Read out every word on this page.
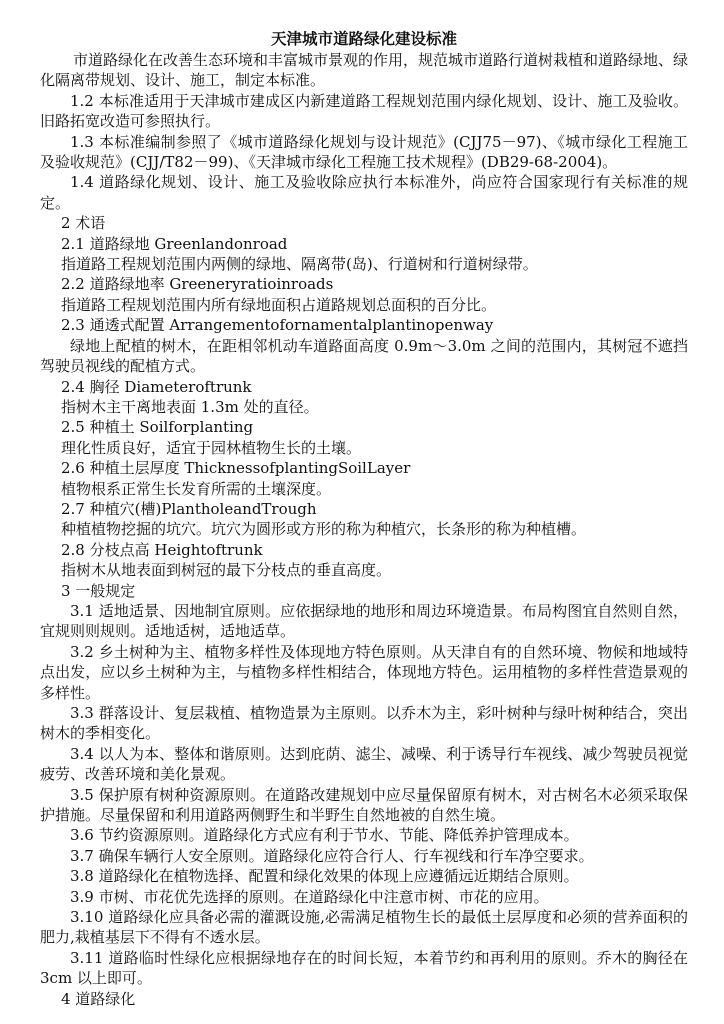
天津城市道路绿化建设标准

市道路绿化在改善生态环境和丰富城市景观的作用，规范城市道路行道树栽植和道路绿地、绿化隔离带规划、设计、施工，制定本标准。

1.2 本标准适用于天津城市建成区内新建道路工程规划范围内绿化规划、设计、施工及验收。旧路拓宽改造可参照执行。

1.3 本标准编制参照了《城市道路绿化规划与设计规范》(CJJ75－97)、《城市绿化工程施工及验收规范》(CJJ/T82－99)、《天津城市绿化工程施工技术规程》(DB29-68-2004)。

1.4 道路绿化规划、设计、施工及验收除应执行本标准外，尚应符合国家现行有关标准的规定。

2 术语

2.1 道路绿地 Greenlandonroad

指道路工程规划范围内两侧的绿地、隔离带(岛)、行道树和行道树绿带。

2.2 道路绿地率 Greeneryratioinroads

指道路工程规划范围内所有绿地面积占道路规划总面积的百分比。

2.3 通透式配置 Arrangementofornamentalplantinopenway

绿地上配植的树木，在距相邻机动车道路面高度 0.9m～3.0m 之间的范围内，其树冠不遮挡驾驶员视线的配植方式。

2.4 胸径 Diameteroftrunk

指树木主干离地表面 1.3m 处的直径。

2.5 种植土 Soilforplanting

理化性质良好，适宜于园林植物生长的土壤。

2.6 种植土层厚度 ThicknessofplantingSoilLayer

植物根系正常生长发育所需的土壤深度。

2.7 种植穴(槽)PlantholeandTrough

种植植物挖掘的坑穴。坑穴为圆形或方形的称为种植穴，长条形的称为种植槽。

2.8 分枝点高 Heightoftrunk

指树木从地表面到树冠的最下分枝点的垂直高度。

3 一般规定

3.1 适地适景、因地制宜原则。应依据绿地的地形和周边环境造景。布局构图宜自然则自然，宜规则则规则。适地适树，适地适草。

3.2 乡土树种为主、植物多样性及体现地方特色原则。从天津自有的自然环境、物候和地域特点出发，应以乡土树种为主，与植物多样性相结合，体现地方特色。运用植物的多样性营造景观的多样性。

3.3 群落设计、复层栽植、植物造景为主原则。以乔木为主，彩叶树种与绿叶树种结合，突出树木的季相变化。

3.4 以人为本、整体和谐原则。达到庇荫、滤尘、减噪、利于诱导行车视线、减少驾驶员视觉疲劳、改善环境和美化景观。

3.5 保护原有树种资源原则。在道路改建规划中应尽量保留原有树木，对古树名木必须采取保护措施。尽量保留和利用道路两侧野生和半野生自然地被的自然生境。

3.6 节约资源原则。道路绿化方式应有利于节水、节能、降低养护管理成本。

3.7 确保车辆行人安全原则。道路绿化应符合行人、行车视线和行车净空要求。

3.8 道路绿化在植物选择、配置和绿化效果的体现上应遵循远近期结合原则。

3.9 市树、市花优先选择的原则。在道路绿化中注意市树、市花的应用。

3.10 道路绿化应具备必需的灌溉设施,必需满足植物生长的最低土层厚度和必须的营养面积的肥力,栽植基层下不得有不透水层。

3.11 道路临时性绿化应根据绿地存在的时间长短，本着节约和再利用的原则。乔木的胸径在 3cm 以上即可。

4 道路绿化
